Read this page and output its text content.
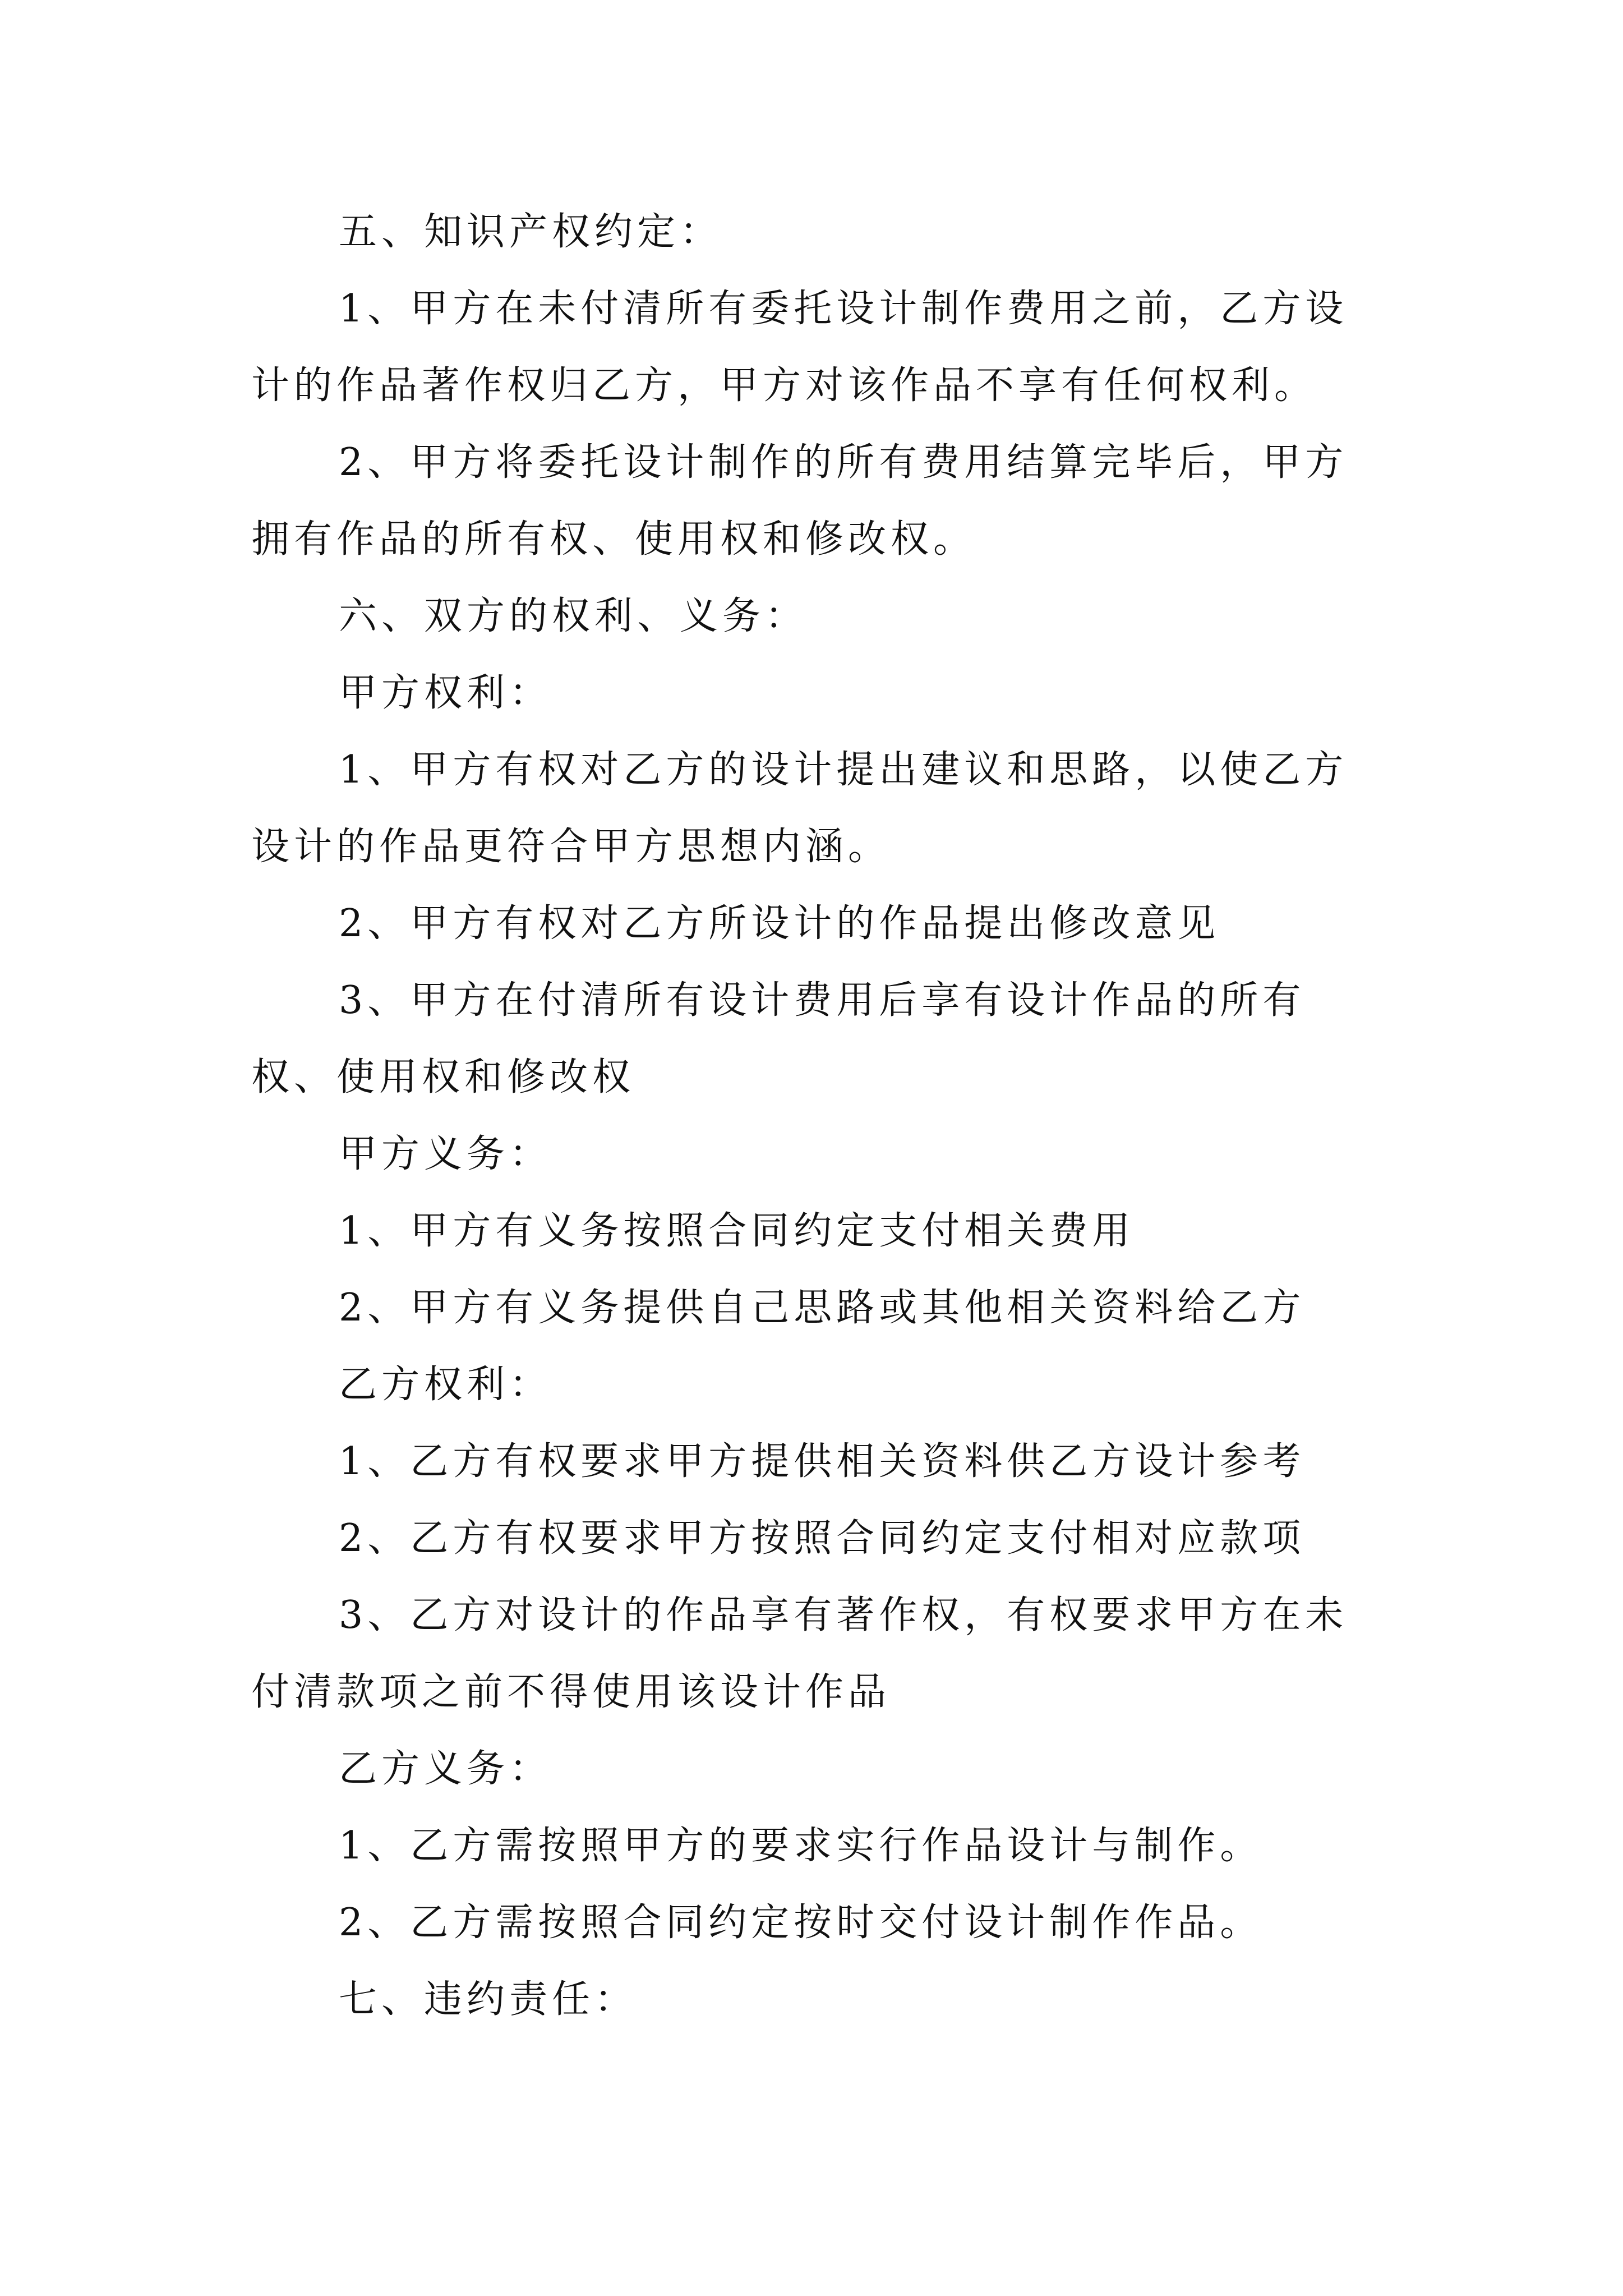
五、知识产权约定：

1、甲方在未付清所有委托设计制作费用之前，乙方设计的作品著作权归乙方，甲方对该作品不享有任何权利。

2、甲方将委托设计制作的所有费用结算完毕后，甲方拥有作品的所有权、使用权和修改权。

六、双方的权利、义务：

甲方权利：

1、甲方有权对乙方的设计提出建议和思路，以使乙方设计的作品更符合甲方思想内涵。

2、甲方有权对乙方所设计的作品提出修改意见

3、甲方在付清所有设计费用后享有设计作品的所有权、使用权和修改权

甲方义务：

1、甲方有义务按照合同约定支付相关费用

2、甲方有义务提供自己思路或其他相关资料给乙方

乙方权利：

1、乙方有权要求甲方提供相关资料供乙方设计参考

2、乙方有权要求甲方按照合同约定支付相对应款项

3、乙方对设计的作品享有著作权，有权要求甲方在未付清款项之前不得使用该设计作品

乙方义务：

1、乙方需按照甲方的要求实行作品设计与制作。

2、乙方需按照合同约定按时交付设计制作作品。

七、违约责任：
